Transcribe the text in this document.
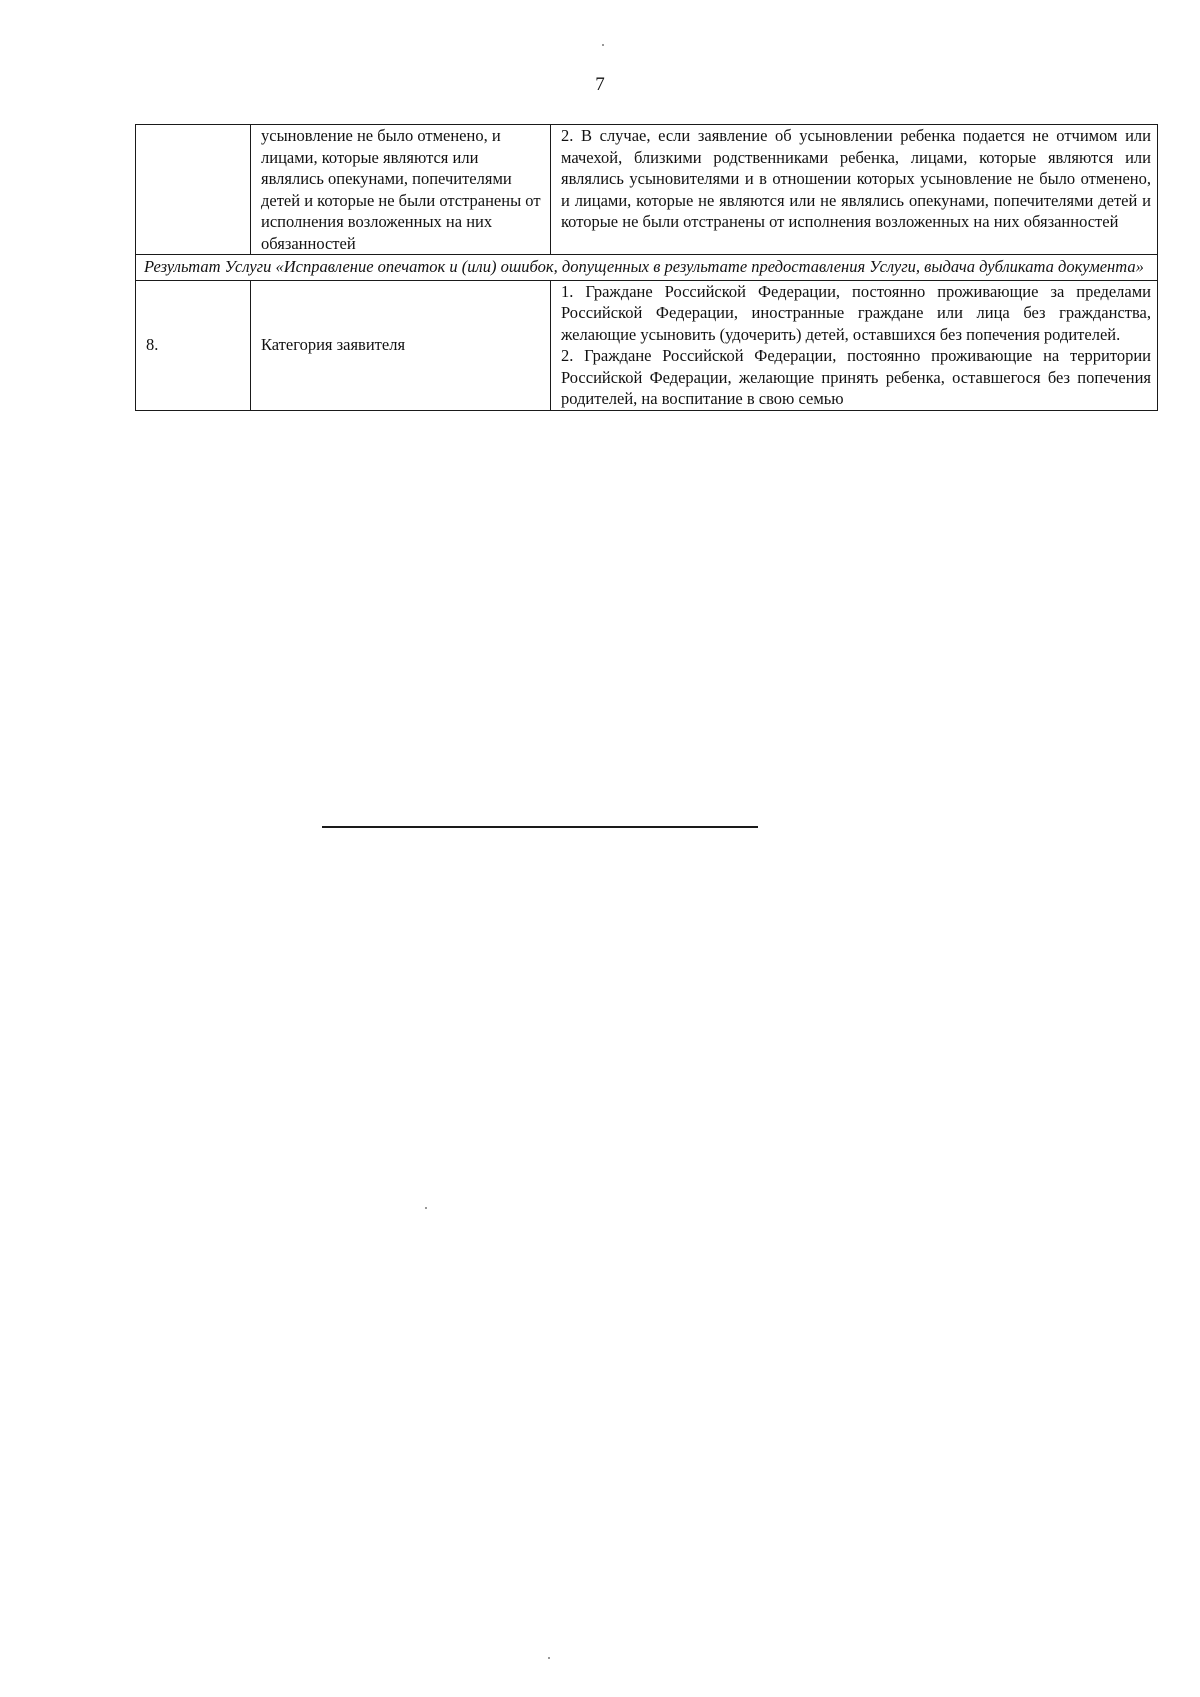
7
	усыновление не было отменено, и лицами, которые являются или являлись опекунами, попечителями детей и которые не были отстранены от исполнения возложенных на них обязанностей	2. В случае, если заявление об усыновлении ребенка подается не отчимом или мачехой, близкими родственниками ребенка, лицами, которые являются или являлись усыновителями и в отношении которых усыновление не было отменено, и лицами, которые не являются или не являлись опекунами, попечителями детей и которые не были отстранены от исполнения возложенных на них обязанностей
Результат Услуги «Исправление опечаток и (или) ошибок, допущенных в результате предоставления Услуги, выдача дубликата документа»		
8.	Категория заявителя	1. Граждане Российской Федерации, постоянно проживающие за пределами Российской Федерации, иностранные граждане или лица без гражданства, желающие усыновить (удочерить) детей, оставшихся без попечения родителей.

2. Граждане Российской Федерации, постоянно проживающие на территории Российской Федерации, желающие принять ребенка, оставшегося без попечения родителей, на воспитание в свою семью
